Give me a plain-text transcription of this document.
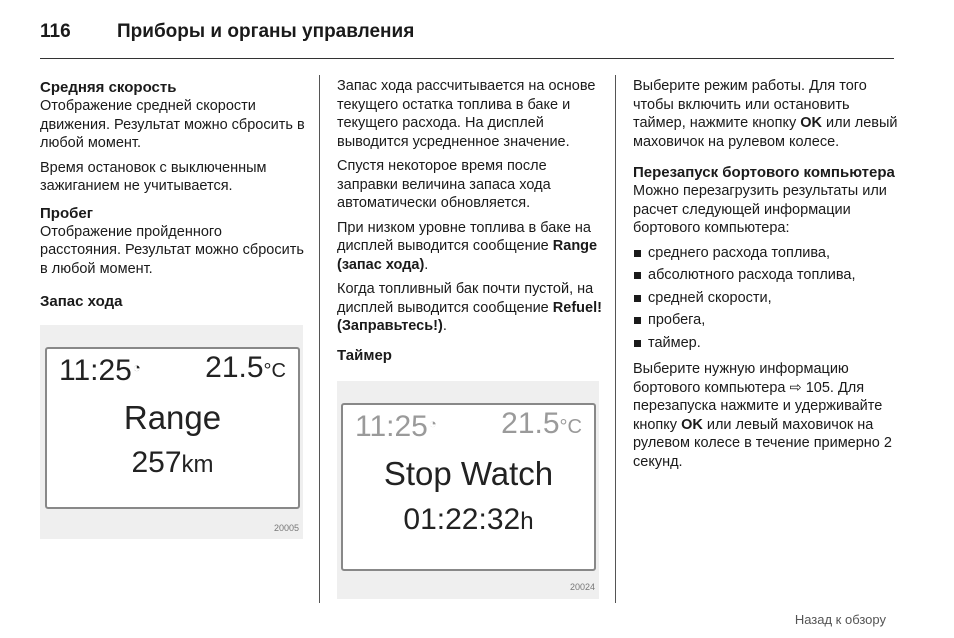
116 Приборы и органы управления
Средняя скорость

Отображение средней скорости движения. Результат можно сбросить в любой момент.

Время остановок с выключенным зажиганием не учитывается.

Пробег

Отображение пройденного расстояния. Результат можно сбросить в любой момент.

Запас хода
11:25◔ 21.5°C
Range
257km
20005

Запас хода рассчитывается на основе текущего остатка топлива в баке и текущего расхода. На дисплей выводится усредненное значение.

Спустя некоторое время после заправки величина запаса хода автоматически обновляется.

При низком уровне топлива в баке на дисплей выводится сообщение Range (запас хода).

Когда топливный бак почти пустой, на дисплей выводится сообщение Refuel! (Заправьтесь!).

Таймер
11:25◔ 21.5°C
Stop Watch
01:22:32h
20024

Выберите режим работы. Для того чтобы включить или остановить таймер, нажмите кнопку OK или левый маховичок на рулевом колесе.

Перезапуск бортового компьютера

Можно перезагрузить результаты или расчет следующей информации бортового компьютера:

среднего расхода топлива,
абсолютного расхода топлива,
средней скорости,
пробега,
таймер.

Выберите нужную информацию бортового компьютера ⇨ 105. Для перезапуска нажмите и удерживайте кнопку OK или левый маховичок на рулевом колесе в течение примерно 2 секунд.

Назад к обзору
